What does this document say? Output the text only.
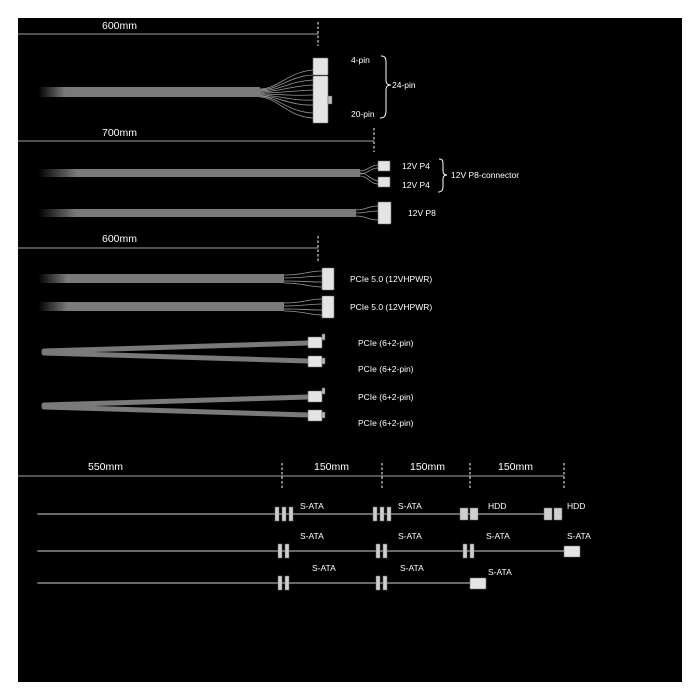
600mm
4-pin
20-pin
24-pin
700mm
12V P4
12V P4
12V P8-connector
12V P8
600mm
PCIe 5.0 (12VHPWR)
PCIe 5.0 (12VHPWR)
PCIe (6+2-pin)
PCIe (6+2-pin)
PCIe (6+2-pin)
PCIe (6+2-pin)
550mm	150mm	150mm	150mm
S-ATA	S-ATA	HDD	HDD
S-ATA	S-ATA	S-ATA	S-ATA
S-ATA	S-ATA	S-ATA
